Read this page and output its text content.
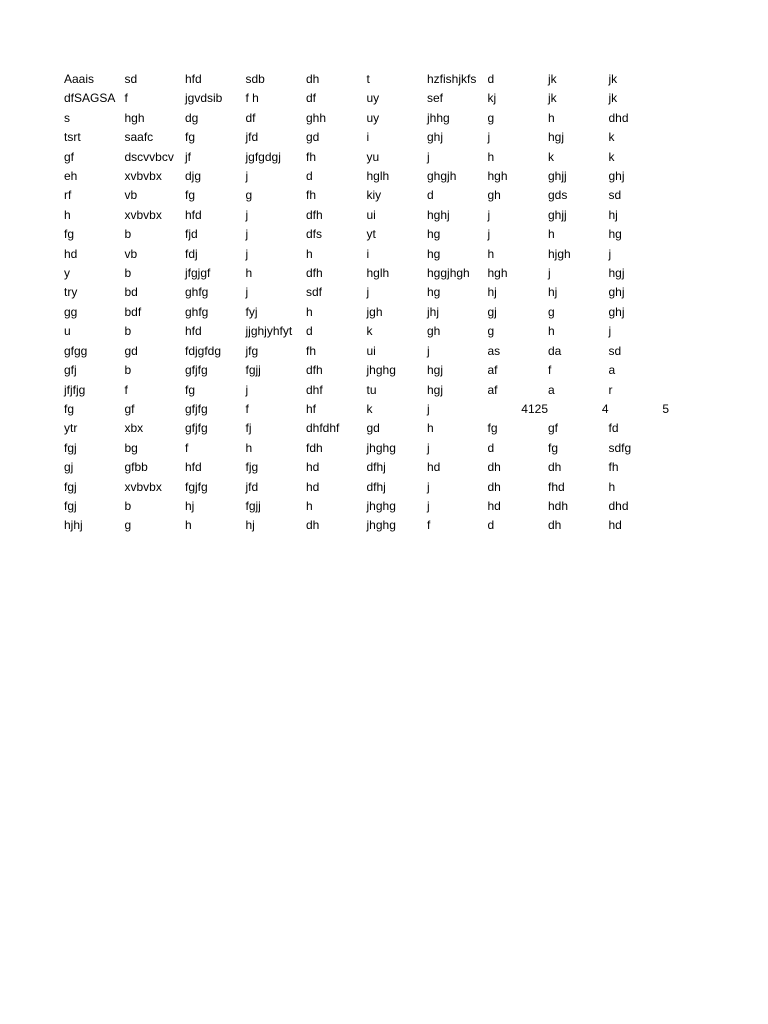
Aaais	sd	hfd	sdb	dh	t	hzfishjkfs	d	jk	jk
dfSAGSA	f	jgvdsib	f h	df	uy	sef	kj	jk	jk
s	hgh	dg	df	ghh	uy	jhhg	g	h	dhd
tsrt	saafc	fg	jfd	gd	i	ghj	j	hgj	k
gf	dscvvbcv	jf	jgfgdgj	fh	yu	j	h	k	k
eh	xvbvbx	djg	j	d	hglh	ghgjh	hgh	ghjj	ghj
rf	vb	fg	g	fh	kiy	d	gh	gds	sd
h	xvbvbx	hfd	j	dfh	ui	hghj	j	ghjj	hj
fg	b	fjd	j	dfs	yt	hg	j	h	hg
hd	vb	fdj	j	h	i	hg	h	hjgh	j
y	b	jfgjgf	h	dfh	hglh	hggjhgh	hgh	j	hgj
try	bd	ghfg	j	sdf	j	hg	hj	hj	ghj
gg	bdf	ghfg	fyj	h	jgh	jhj	gj	g	ghj
u	b	hfd	jjghjyhfyt	d	k	gh	g	h	j
gfgg	gd	fdjgfdg	jfg	fh	ui	j	as	da	sd
gfj	b	gfjfg	fgjj	dfh	jhghg	hgj	af	f	a
jfjfjg	f	fg	j	dhf	tu	hgj	af	a	r
fg	gf	gfjfg	f	hf	k	j	4125	4	5
ytr	xbx	gfjfg	fj	dhfdhf	gd	h	fg	gf	fd
fgj	bg	f	h	fdh	jhghg	j	d	fg	sdfg
gj	gfbb	hfd	fjg	hd	dfhj	hd	dh	dh	fh
fgj	xvbvbx	fgjfg	jfd	hd	dfhj	j	dh	fhd	h
fgj	b	hj	fgjj	h	jhghg	j	hd	hdh	dhd
hjhj	g	h	hj	dh	jhghg	f	d	dh	hd
